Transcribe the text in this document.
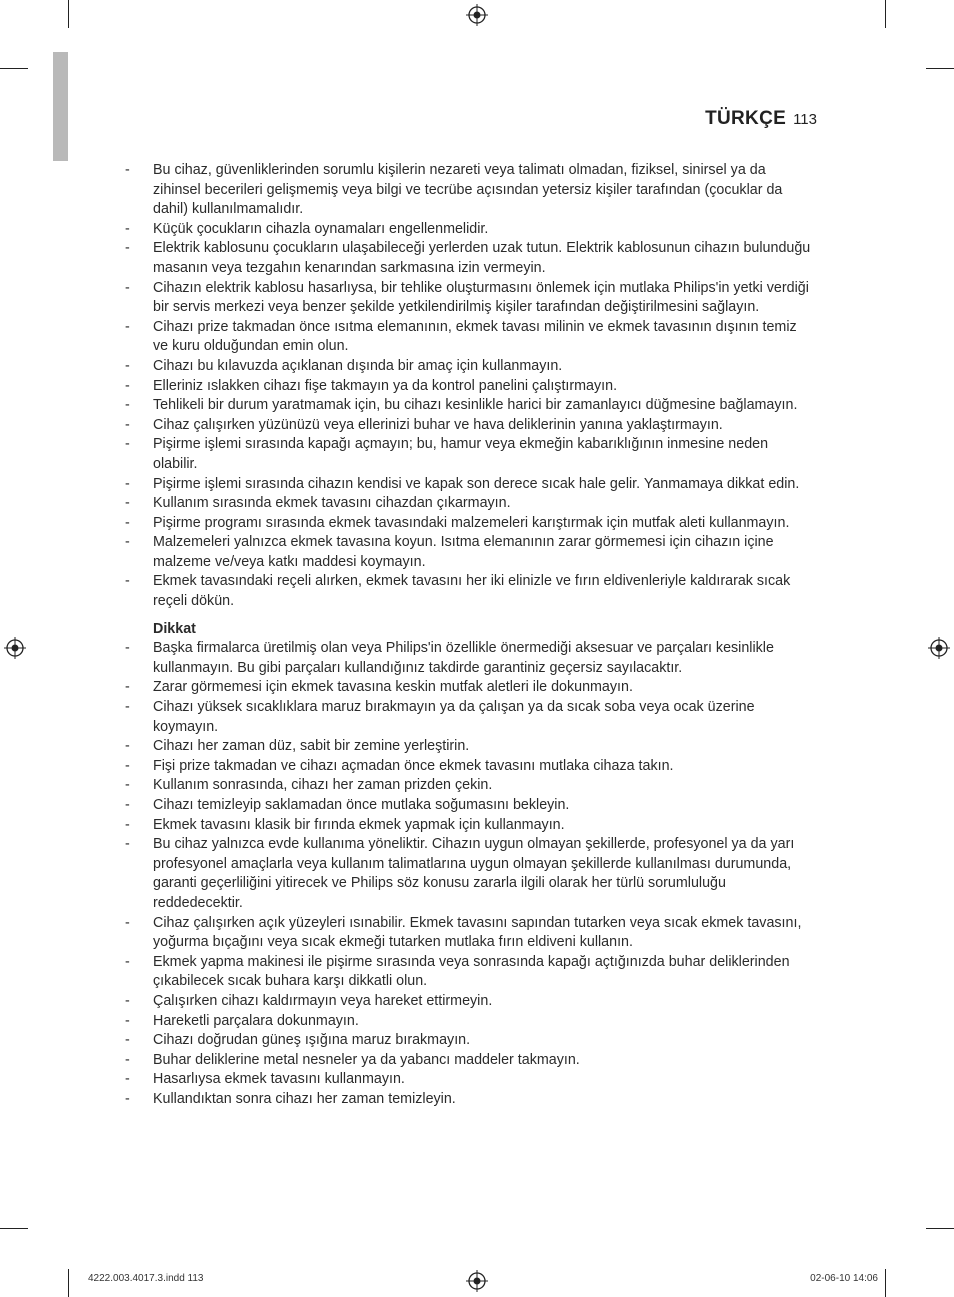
TÜRKÇE 113
- Bu cihaz, güvenliklerinden sorumlu kişilerin nezareti veya talimatı olmadan, fiziksel, sinirsel ya da zihinsel becerileri gelişmemiş veya bilgi ve tecrübe açısından yetersiz kişiler tarafından (çocuklar da dahil) kullanılmamalıdır.
- Küçük çocukların cihazla oynamaları engellenmelidir.
- Elektrik kablosunu çocukların ulaşabileceği yerlerden uzak tutun. Elektrik kablosunun cihazın bulunduğu masanın veya tezgahın kenarından sarkmasına izin vermeyin.
- Cihazın elektrik kablosu hasarlıysa, bir tehlike oluşturmasını önlemek için mutlaka Philips'in yetki verdiği bir servis merkezi veya benzer şekilde yetkilendirilmiş kişiler tarafından değiştirilmesini sağlayın.
- Cihazı prize takmadan önce ısıtma elemanının, ekmek tavası milinin ve ekmek tavasının dışının temiz ve kuru olduğundan emin olun.
- Cihazı bu kılavuzda açıklanan dışında bir amaç için kullanmayın.
- Elleriniz ıslakken cihazı fişe takmayın ya da kontrol panelini çalıştırmayın.
- Tehlikeli bir durum yaratmamak için, bu cihazı kesinlikle harici bir zamanlayıcı düğmesine bağlamayın.
- Cihaz çalışırken yüzünüzü veya ellerinizi buhar ve hava deliklerinin yanına yaklaştırmayın.
- Pişirme işlemi sırasında kapağı açmayın; bu, hamur veya ekmeğin kabarıklığının inmesine neden olabilir.
- Pişirme işlemi sırasında cihazın kendisi ve kapak son derece sıcak hale gelir. Yanmamaya dikkat edin.
- Kullanım sırasında ekmek tavasını cihazdan çıkarmayın.
- Pişirme programı sırasında ekmek tavasındaki malzemeleri karıştırmak için mutfak aleti kullanmayın.
- Malzemeleri yalnızca ekmek tavasına koyun. Isıtma elemanının zarar görmemesi için cihazın içine malzeme ve/veya katkı maddesi koymayın.
- Ekmek tavasındaki reçeli alırken, ekmek tavasını her iki elinizle ve fırın eldivenleriyle kaldırarak sıcak reçeli dökün.
Dikkat
- Başka firmalarca üretilmiş olan veya Philips'in özellikle önermediği aksesuar ve parçaları kesinlikle kullanmayın. Bu gibi parçaları kullandığınız takdirde garantiniz geçersiz sayılacaktır.
- Zarar görmemesi için ekmek tavasına keskin mutfak aletleri ile dokunmayın.
- Cihazı yüksek sıcaklıklara maruz bırakmayın ya da çalışan ya da sıcak soba veya ocak üzerine koymayın.
- Cihazı her zaman düz, sabit bir zemine yerleştirin.
- Fişi prize takmadan ve cihazı açmadan önce ekmek tavasını mutlaka cihaza takın.
- Kullanım sonrasında, cihazı her zaman prizden çekin.
- Cihazı temizleyip saklamadan önce mutlaka soğumasını bekleyin.
- Ekmek tavasını klasik bir fırında ekmek yapmak için kullanmayın.
- Bu cihaz yalnızca evde kullanıma yöneliktir. Cihazın uygun olmayan şekillerde, profesyonel ya da yarı profesyonel amaçlarla veya kullanım talimatlarına uygun olmayan şekillerde kullanılması durumunda, garanti geçerliliğini yitirecek ve Philips söz konusu zararla ilgili olarak her türlü sorumluluğu reddedecektir.
- Cihaz çalışırken açık yüzeyleri ısınabilir. Ekmek tavasını sapından tutarken veya sıcak ekmek tavasını, yoğurma bıçağını veya sıcak ekmeği tutarken mutlaka fırın eldiveni kullanın.
- Ekmek yapma makinesi ile pişirme sırasında veya sonrasında kapağı açtığınızda buhar deliklerinden çıkabilecek sıcak buhara karşı dikkatli olun.
- Çalışırken cihazı kaldırmayın veya hareket ettirmeyin.
- Hareketli parçalara dokunmayın.
- Cihazı doğrudan güneş ışığına maruz bırakmayın.
- Buhar deliklerine metal nesneler ya da yabancı maddeler takmayın.
- Hasarlıysa ekmek tavasını kullanmayın.
- Kullandıktan sonra cihazı her zaman temizleyin.
4222.003.4017.3.indd 113	02-06-10 14:06
